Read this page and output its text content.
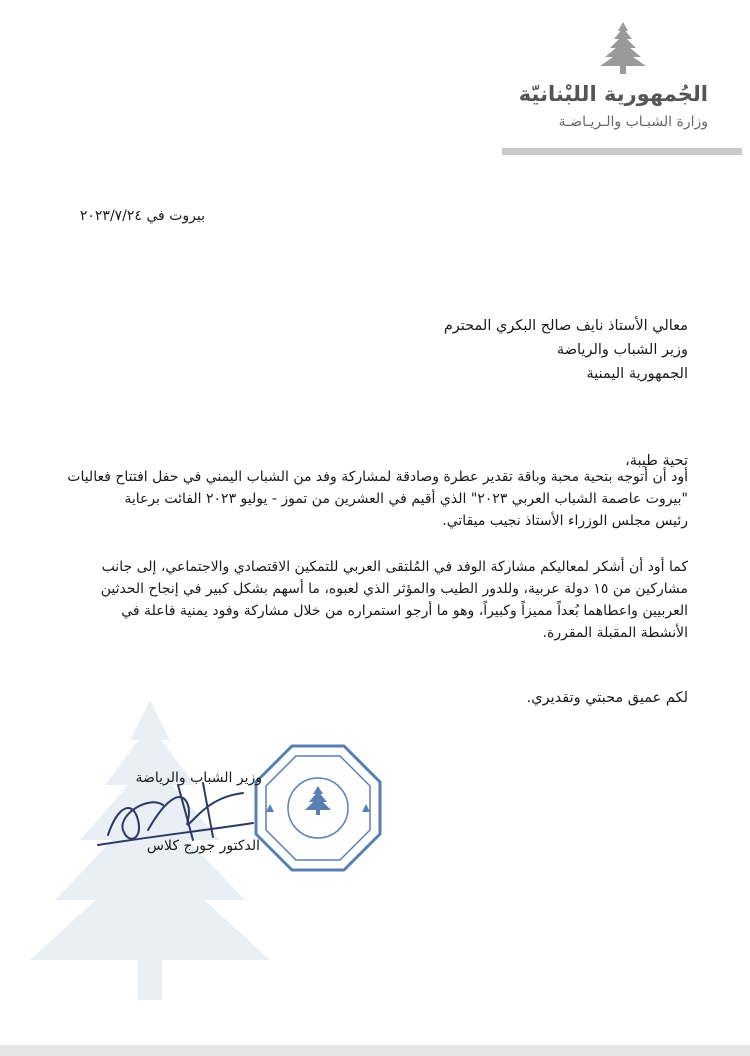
الجُمهورية اللبْنانيّة
وزارة الشبـاب والـريـاضـة
بيروت في ٢٠٢٣/٧/٢٤
معالي الأستاذ نايف صالح البكري المحترم
وزير الشباب والرياضة
الجمهورية اليمنية
تحية طيبة،
أود أن أتوجه بتحية محبة وباقة تقدير عطرة وصادقة لمشاركة وفد من الشباب اليمني في حفل افتتاح فعاليات
"بيروت عاصمة الشباب العربي ٢٠٢٣" الذي أقيم في العشرين من تموز - يوليو ٢٠٢٣ الفائت برعاية
رئيس مجلس الوزراء الأستاذ نجيب ميقاتي.
كما أود أن أشكر لمعاليكم مشاركة الوفد في المُلتقى العربي للتمكين الاقتصادي والاجتماعي، إلى جانب
مشاركين من ١٥ دولة عربية، وللدور الطيب والمؤثر الذي لعبوه، ما أسهم بشكل كبير في إنجاح الحدثين
العربيين واعطاهما بُعداً مميزاً وكبيراً، وهو ما أرجو استمراره من خلال مشاركة وفود يمنية فاعلة في
الأنشطة المقبلة المقررة.
لكم عميق محبتي وتقديري.
وزير الشباب والرياضة
الدكتور جورج كلاس
